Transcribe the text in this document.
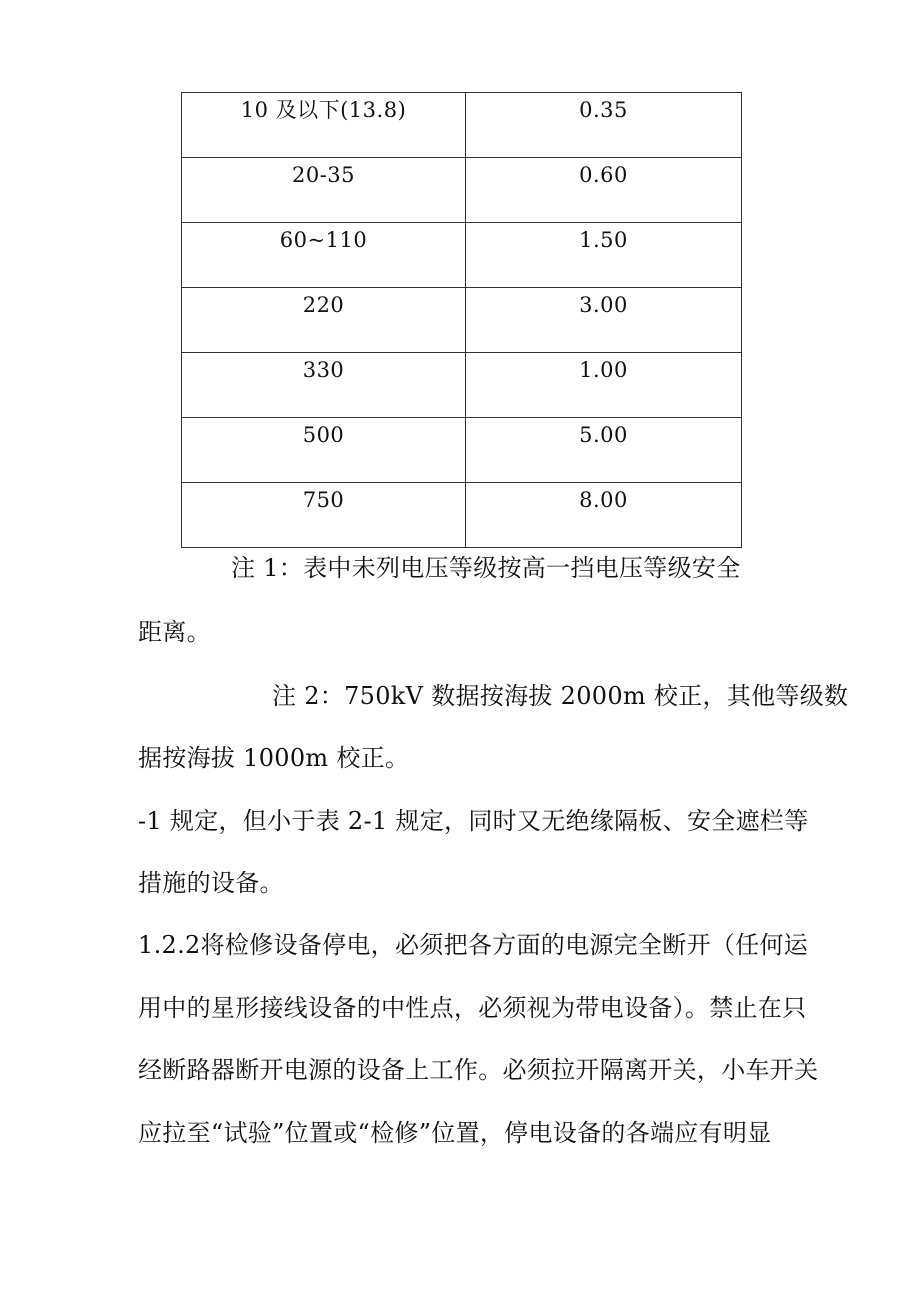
10 及以下(13.8)	0.35

20-35	0.60

60~110	1.50

220	3.00

330	1.00

500	5.00

750	8.00
注 1：表中未列电压等级按高一挡电压等级安全
距离。
注 2：750kV 数据按海拔 2000m 校正，其他等级数
据按海拔 1000m 校正。
-1 规定，但小于表 2-1 规定，同时又无绝缘隔板、安全遮栏等
措施的设备。
1.2.2将检修设备停电，必须把各方面的电源完全断开（任何运
用中的星形接线设备的中性点，必须视为带电设备）。禁止在只
经断路器断开电源的设备上工作。必须拉开隔离开关，小车开关
应拉至“试验”位置或“检修”位置，停电设备的各端应有明显
